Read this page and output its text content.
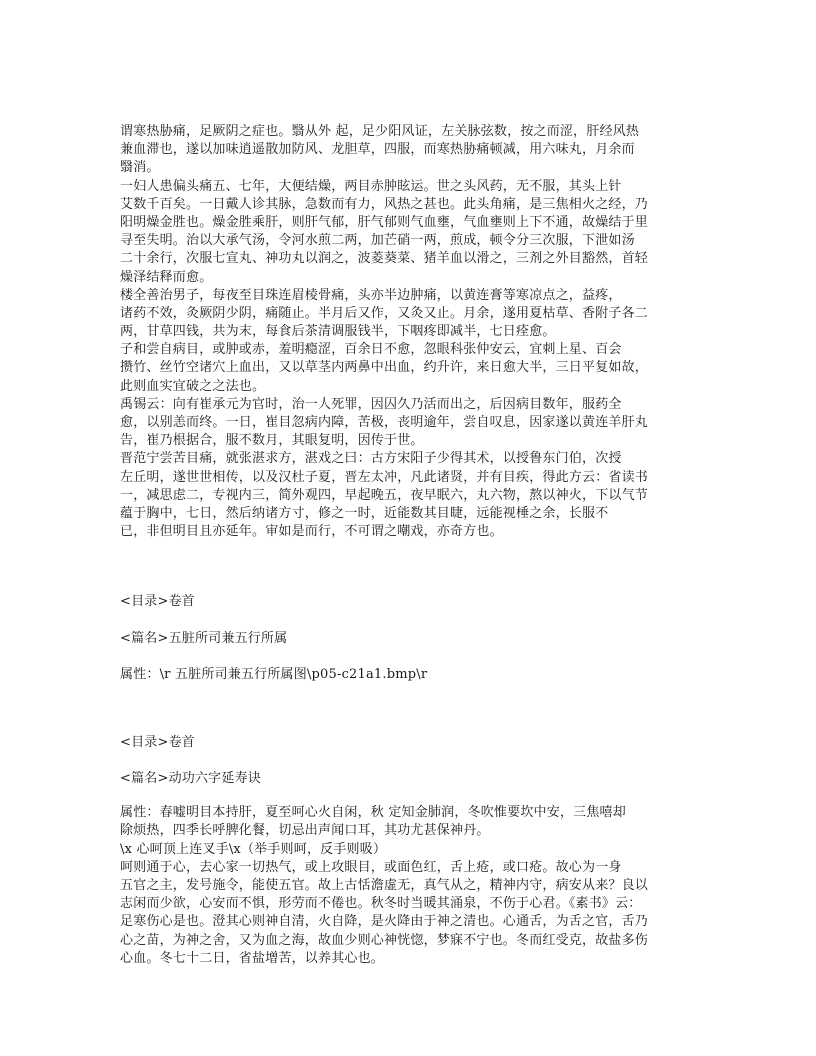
谓寒热胁痛，足厥阴之症也。翳从外 起，足少阳风证，左关脉弦数，按之而涩，肝经风热
兼血滞也，遂以加味逍遥散加防风、龙胆草，四服，而寒热胁痛顿减，用六味丸，月余而
翳消。
一妇人患偏头痛五、七年，大便结燥，两目赤肿眩运。世之头风药，无不服，其头上针
艾数千百矣。一日戴人诊其脉，急数而有力，风热之甚也。此头角痛，是三焦相火之经，乃
阳明燥金胜也。燥金胜乘肝，则肝气郁，肝气郁则气血壅，气血壅则上下不通，故燥结于里
寻至失明。治以大承气汤，令河水煎二两，加芒硝一两，煎成，顿令分三次服，下泄如汤
二十余行，次服七宣丸、神功丸以润之，波菱葵菜、猪羊血以滑之，三剂之外目豁然，首轻
燥泽结释而愈。
楼全善治男子，每夜至目珠连眉棱骨痛，头亦半边肿痛，以黄连膏等寒凉点之，益疼，
诸药不效，灸厥阴少阴，痛随止。半月后又作，又灸又止。月余，遂用夏枯草、香附子各二
两，甘草四钱，共为末，每食后茶清调服钱半，下咽疼即减半，七日痊愈。
子和尝自病目，或肿或赤，羞明瘾涩，百余日不愈，忽眼科张仲安云，宜刺上星、百会
攒竹、丝竹空诸穴上血出，又以草茎内两鼻中出血，约升许，来日愈大半，三日平复如故，
此则血实宜破之之法也。
禹锡云：向有崔承元为官时，治一人死罪，因囚久乃活而出之，后因病目数年，服药全
愈，以别恙而终。一日，崔目忽病内障，苦极，丧明逾年，尝自叹息，因家遂以黄连羊肝丸
告，崔乃根据合，服不数月，其眼复明，因传于世。
晋范宁尝苦目痛，就张湛求方，湛戏之曰：古方宋阳子少得其术，以授鲁东门伯，次授
左丘明，遂世世相传，以及汉杜子夏，晋左太冲，凡此诸贤，并有目疾，得此方云：省读书
一，减思虑二，专视内三，简外观四，早起晚五，夜早眠六，丸六物，熬以神火，下以气节
蕴于胸中，七日，然后纳诸方寸，修之一时，近能数其目睫，远能视棰之余，长服不
已，非但明目且亦延年。审如是而行，不可谓之嘲戏，亦奇方也。
<目录>卷首
<篇名>五脏所司兼五行所属
属性：\r 五脏所司兼五行所属图\p05-c21a1.bmp\r
<目录>卷首
<篇名>动功六字延寿诀
属性：春嘘明目本持肝，夏至呵心火自闲，秋 定知金肺润，冬吹惟要坎中安，三焦嘻却
除烦热，四季长呼脾化餐，切忌出声闻口耳，其功尤甚保神丹。
\x 心呵顶上连叉手\x（举手则呵，反手则吸）
呵则通于心，去心家一切热气，或上攻眼目，或面色红，舌上疮，或口疮。故心为一身
五官之主，发号施令，能使五官。故上古恬澹虚无，真气从之，精神内守，病安从来？良以
志闲而少欲，心安而不惧，形劳而不倦也。秋冬时当暖其涌泉，不伤于心君。《素书》云：
足寒伤心是也。澄其心则神自清，火自降，是火降由于神之清也。心通舌，为舌之官，舌乃
心之苗，为神之舍，又为血之海，故血少则心神恍惚，梦寐不宁也。冬而红受克，故盐多伤
心血。冬七十二日，省盐增苦，以养其心也。
